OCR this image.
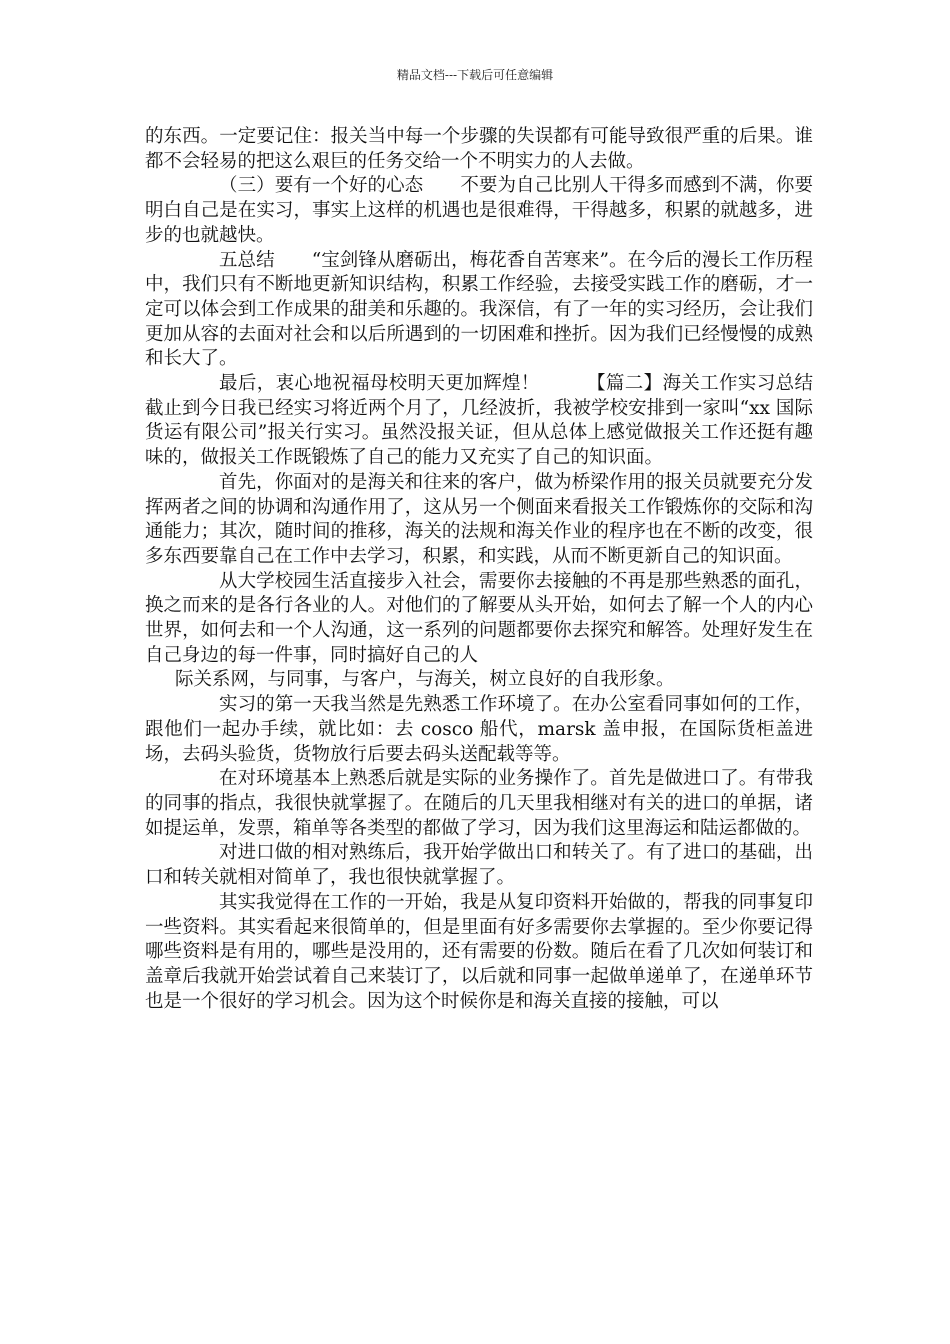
精品文档---下载后可任意编辑

的东西。一定要记住：报关当中每一个步骤的失误都有可能导致很严重的后果。谁都不会轻易的把这么艰巨的任务交给一个不明实力的人去做。

（三）要有一个好的心态　　不要为自己比别人干得多而感到不满，你要明白自己是在实习，事实上这样的机遇也是很难得，干得越多，积累的就越多，进步的也就越快。

五总结　　“宝剑锋从磨砺出，梅花香自苦寒来”。在今后的漫长工作历程中，我们只有不断地更新知识结构，积累工作经验，去接受实践工作的磨砺，才一定可以体会到工作成果的甜美和乐趣的。我深信，有了一年的实习经历，会让我们更加从容的去面对社会和以后所遇到的一切困难和挫折。因为我们已经慢慢的成熟和长大了。

最后，衷心地祝福母校明天更加辉煌！　　　【篇二】海关工作实习总结　　截止到今日我已经实习将近两个月了，几经波折，我被学校安排到一家叫“xx 国际货运有限公司”报关行实习。虽然没报关证，但从总体上感觉做报关工作还挺有趣味的，做报关工作既锻炼了自己的能力又充实了自己的知识面。

首先，你面对的是海关和往来的客户，做为桥梁作用的报关员就要充分发挥两者之间的协调和沟通作用了，这从另一个侧面来看报关工作锻炼你的交际和沟通能力；其次，随时间的推移，海关的法规和海关作业的程序也在不断的改变，很多东西要靠自己在工作中去学习，积累，和实践，从而不断更新自己的知识面。

从大学校园生活直接步入社会，需要你去接触的不再是那些熟悉的面孔，换之而来的是各行各业的人。对他们的了解要从头开始，如何去了解一个人的内心世界，如何去和一个人沟通，这一系列的问题都要你去探究和解答。处理好发生在自己身边的每一件事，同时搞好自己的人

际关系网，与同事，与客户，与海关，树立良好的自我形象。

实习的第一天我当然是先熟悉工作环境了。在办公室看同事如何的工作，跟他们一起办手续，就比如：去 cosco 船代，marsk 盖申报，在国际货柜盖进场，去码头验货，货物放行后要去码头送配载等等。

在对环境基本上熟悉后就是实际的业务操作了。首先是做进口了。有带我的同事的指点，我很快就掌握了。在随后的几天里我相继对有关的进口的单据，诸如提运单，发票，箱单等各类型的都做了学习，因为我们这里海运和陆运都做的。

对进口做的相对熟练后，我开始学做出口和转关了。有了进口的基础，出口和转关就相对简单了，我也很快就掌握了。

其实我觉得在工作的一开始，我是从复印资料开始做的，帮我的同事复印一些资料。其实看起来很简单的，但是里面有好多需要你去掌握的。至少你要记得哪些资料是有用的，哪些是没用的，还有需要的份数。随后在看了几次如何装订和盖章后我就开始尝试着自己来装订了，以后就和同事一起做单递单了，在递单环节也是一个很好的学习机会。因为这个时候你是和海关直接的接触，可以
